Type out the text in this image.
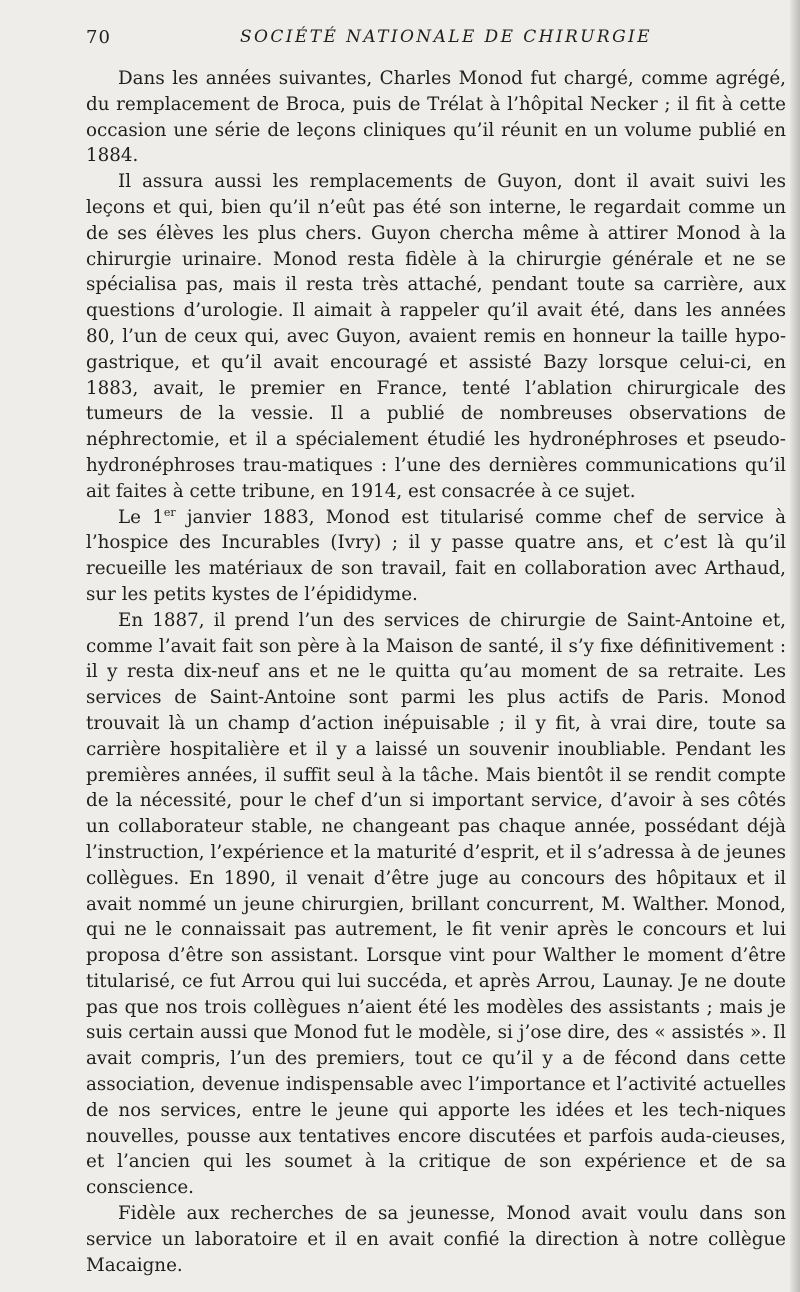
70	SOCIÉTÉ NATIONALE DE CHIRURGIE

Dans les années suivantes, Charles Monod fut chargé, comme agrégé, du remplacement de Broca, puis de Trélat à l’hôpital Necker ; il fit à cette occasion une série de leçons cliniques qu’il réunit en un volume publié en 1884.

Il assura aussi les remplacements de Guyon, dont il avait suivi les leçons et qui, bien qu’il n’eût pas été son interne, le regardait comme un de ses élèves les plus chers. Guyon chercha même à attirer Monod à la chirurgie urinaire. Monod resta fidèle à la chirurgie générale et ne se spécialisa pas, mais il resta très attaché, pendant toute sa carrière, aux questions d’urologie. Il aimait à rappeler qu’il avait été, dans les années 80, l’un de ceux qui, avec Guyon, avaient remis en honneur la taille hypo-gastrique, et qu’il avait encouragé et assisté Bazy lorsque celui-ci, en 1883, avait, le premier en France, tenté l’ablation chirurgicale des tumeurs de la vessie. Il a publié de nombreuses observations de néphrectomie, et il a spécialement étudié les hydronéphroses et pseudo-hydronéphroses trau-matiques : l’une des dernières communications qu’il ait faites à cette tribune, en 1914, est consacrée à ce sujet.

Le 1er janvier 1883, Monod est titularisé comme chef de service à l’hospice des Incurables (Ivry) ; il y passe quatre ans, et c’est là qu’il recueille les matériaux de son travail, fait en collaboration avec Arthaud, sur les petits kystes de l’épididyme.

En 1887, il prend l’un des services de chirurgie de Saint-Antoine et, comme l’avait fait son père à la Maison de santé, il s’y fixe définitivement : il y resta dix-neuf ans et ne le quitta qu’au moment de sa retraite. Les services de Saint-Antoine sont parmi les plus actifs de Paris. Monod trouvait là un champ d’action inépuisable ; il y fit, à vrai dire, toute sa carrière hospitalière et il y a laissé un souvenir inoubliable. Pendant les premières années, il suffit seul à la tâche. Mais bientôt il se rendit compte de la nécessité, pour le chef d’un si important service, d’avoir à ses côtés un collaborateur stable, ne changeant pas chaque année, possédant déjà l’instruction, l’expérience et la maturité d’esprit, et il s’adressa à de jeunes collègues. En 1890, il venait d’être juge au concours des hôpitaux et il avait nommé un jeune chirurgien, brillant concurrent, M. Walther. Monod, qui ne le connaissait pas autrement, le fit venir après le concours et lui proposa d’être son assistant. Lorsque vint pour Walther le moment d’être titularisé, ce fut Arrou qui lui succéda, et après Arrou, Launay. Je ne doute pas que nos trois collègues n’aient été les modèles des assistants ; mais je suis certain aussi que Monod fut le modèle, si j’ose dire, des « assistés ». Il avait compris, l’un des premiers, tout ce qu’il y a de fécond dans cette association, devenue indispensable avec l’importance et l’activité actuelles de nos services, entre le jeune qui apporte les idées et les tech-niques nouvelles, pousse aux tentatives encore discutées et parfois auda-cieuses, et l’ancien qui les soumet à la critique de son expérience et de sa conscience.

Fidèle aux recherches de sa jeunesse, Monod avait voulu dans son service un laboratoire et il en avait confié la direction à notre collègue Macaigne.
